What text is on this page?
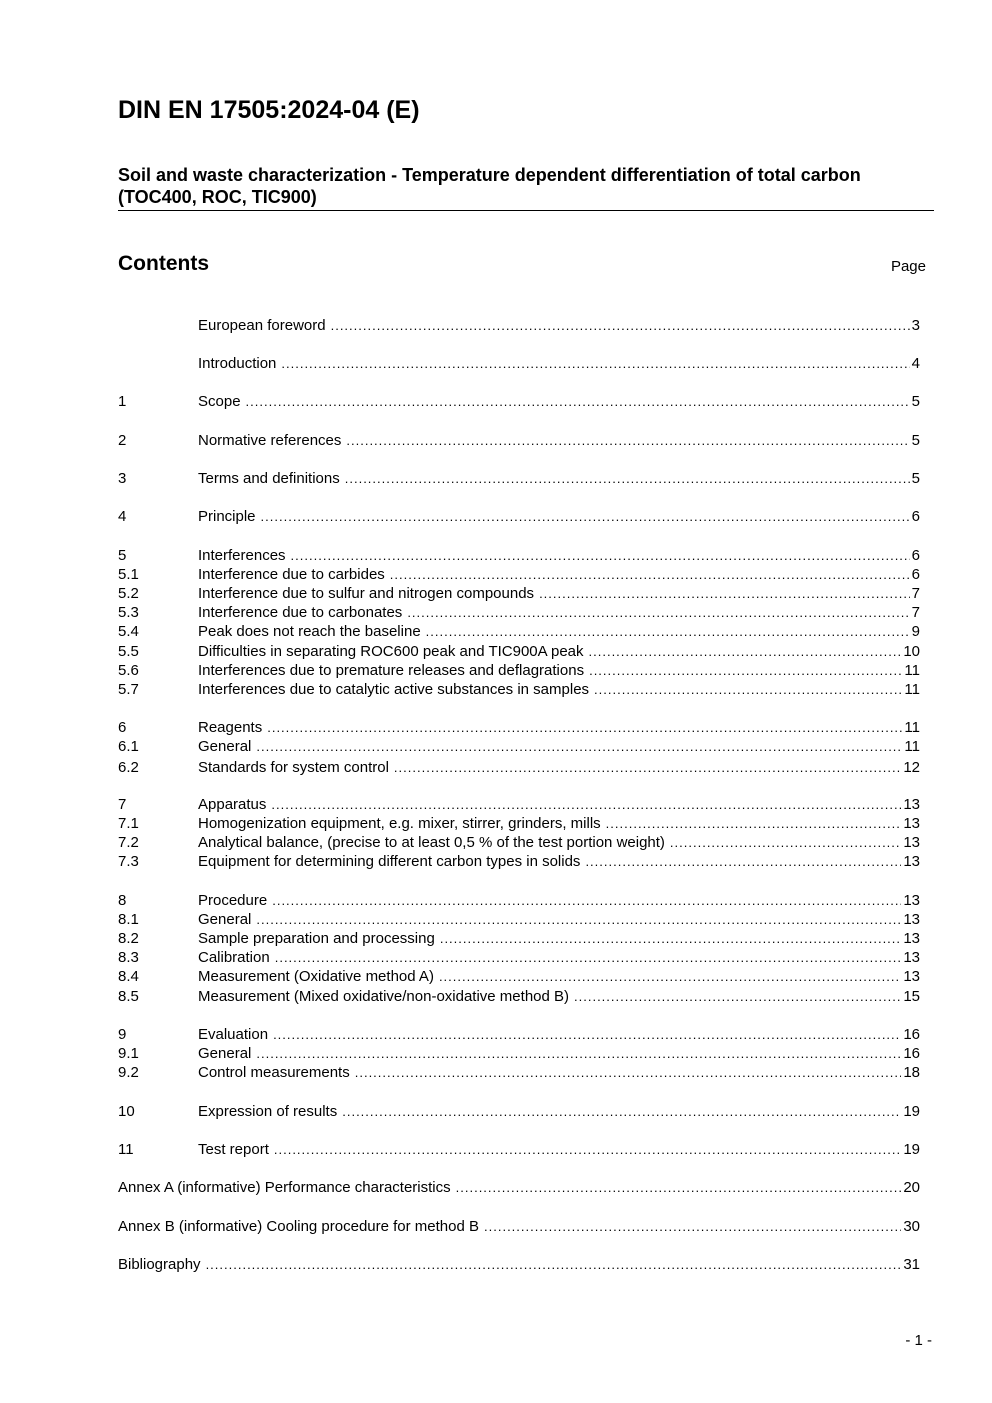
DIN EN 17505:2024-04 (E)
Soil and waste characterization - Temperature dependent differentiation of total carbon (TOC400, ROC, TIC900)
Contents	Page
European foreword .....	3
Introduction .....	4
1	Scope .....	5
2	Normative references .....	5
3	Terms and definitions .....	5
4	Principle .....	6
5	Interferences .....	6
5.1	Interference due to carbides .....	6
5.2	Interference due to sulfur and nitrogen compounds .....	7
5.3	Interference due to carbonates .....	7
5.4	Peak does not reach the baseline .....	9
5.5	Difficulties in separating ROC600 peak and TIC900A peak .....	10
5.6	Interferences due to premature releases and deflagrations .....	11
5.7	Interferences due to catalytic active substances in samples .....	11
6	Reagents .....	11
6.1	General .....	11
6.2	Standards for system control .....	12
7	Apparatus .....	13
7.1	Homogenization equipment, e.g. mixer, stirrer, grinders, mills .....	13
7.2	Analytical balance, (precise to at least 0,5 % of the test portion weight) .....	13
7.3	Equipment for determining different carbon types in solids .....	13
8	Procedure .....	13
8.1	General .....	13
8.2	Sample preparation and processing .....	13
8.3	Calibration .....	13
8.4	Measurement (Oxidative method A) .....	13
8.5	Measurement (Mixed oxidative/non-oxidative method B) .....	15
9	Evaluation .....	16
9.1	General .....	16
9.2	Control measurements .....	18
10	Expression of results .....	19
11	Test report .....	19
Annex A (informative) Performance characteristics .....	20
Annex B (informative) Cooling procedure for method B .....	30
Bibliography .....	31
- 1 -
